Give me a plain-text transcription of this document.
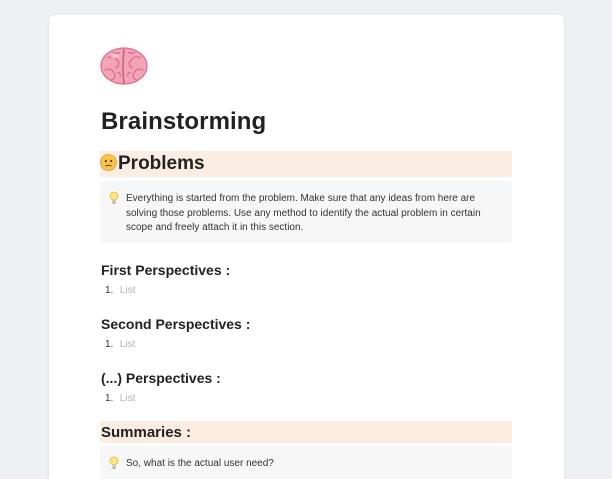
Brainstorming
Problems
Everything is started from the problem. Make sure that any ideas from here are solving those problems. Use any method to identify the actual problem in certain scope and freely attach it in this section.
First Perspectives :
1. List
Second Perspectives :
1. List
(...) Perspectives :
1. List
Summaries :
So, what is the actual user need?
